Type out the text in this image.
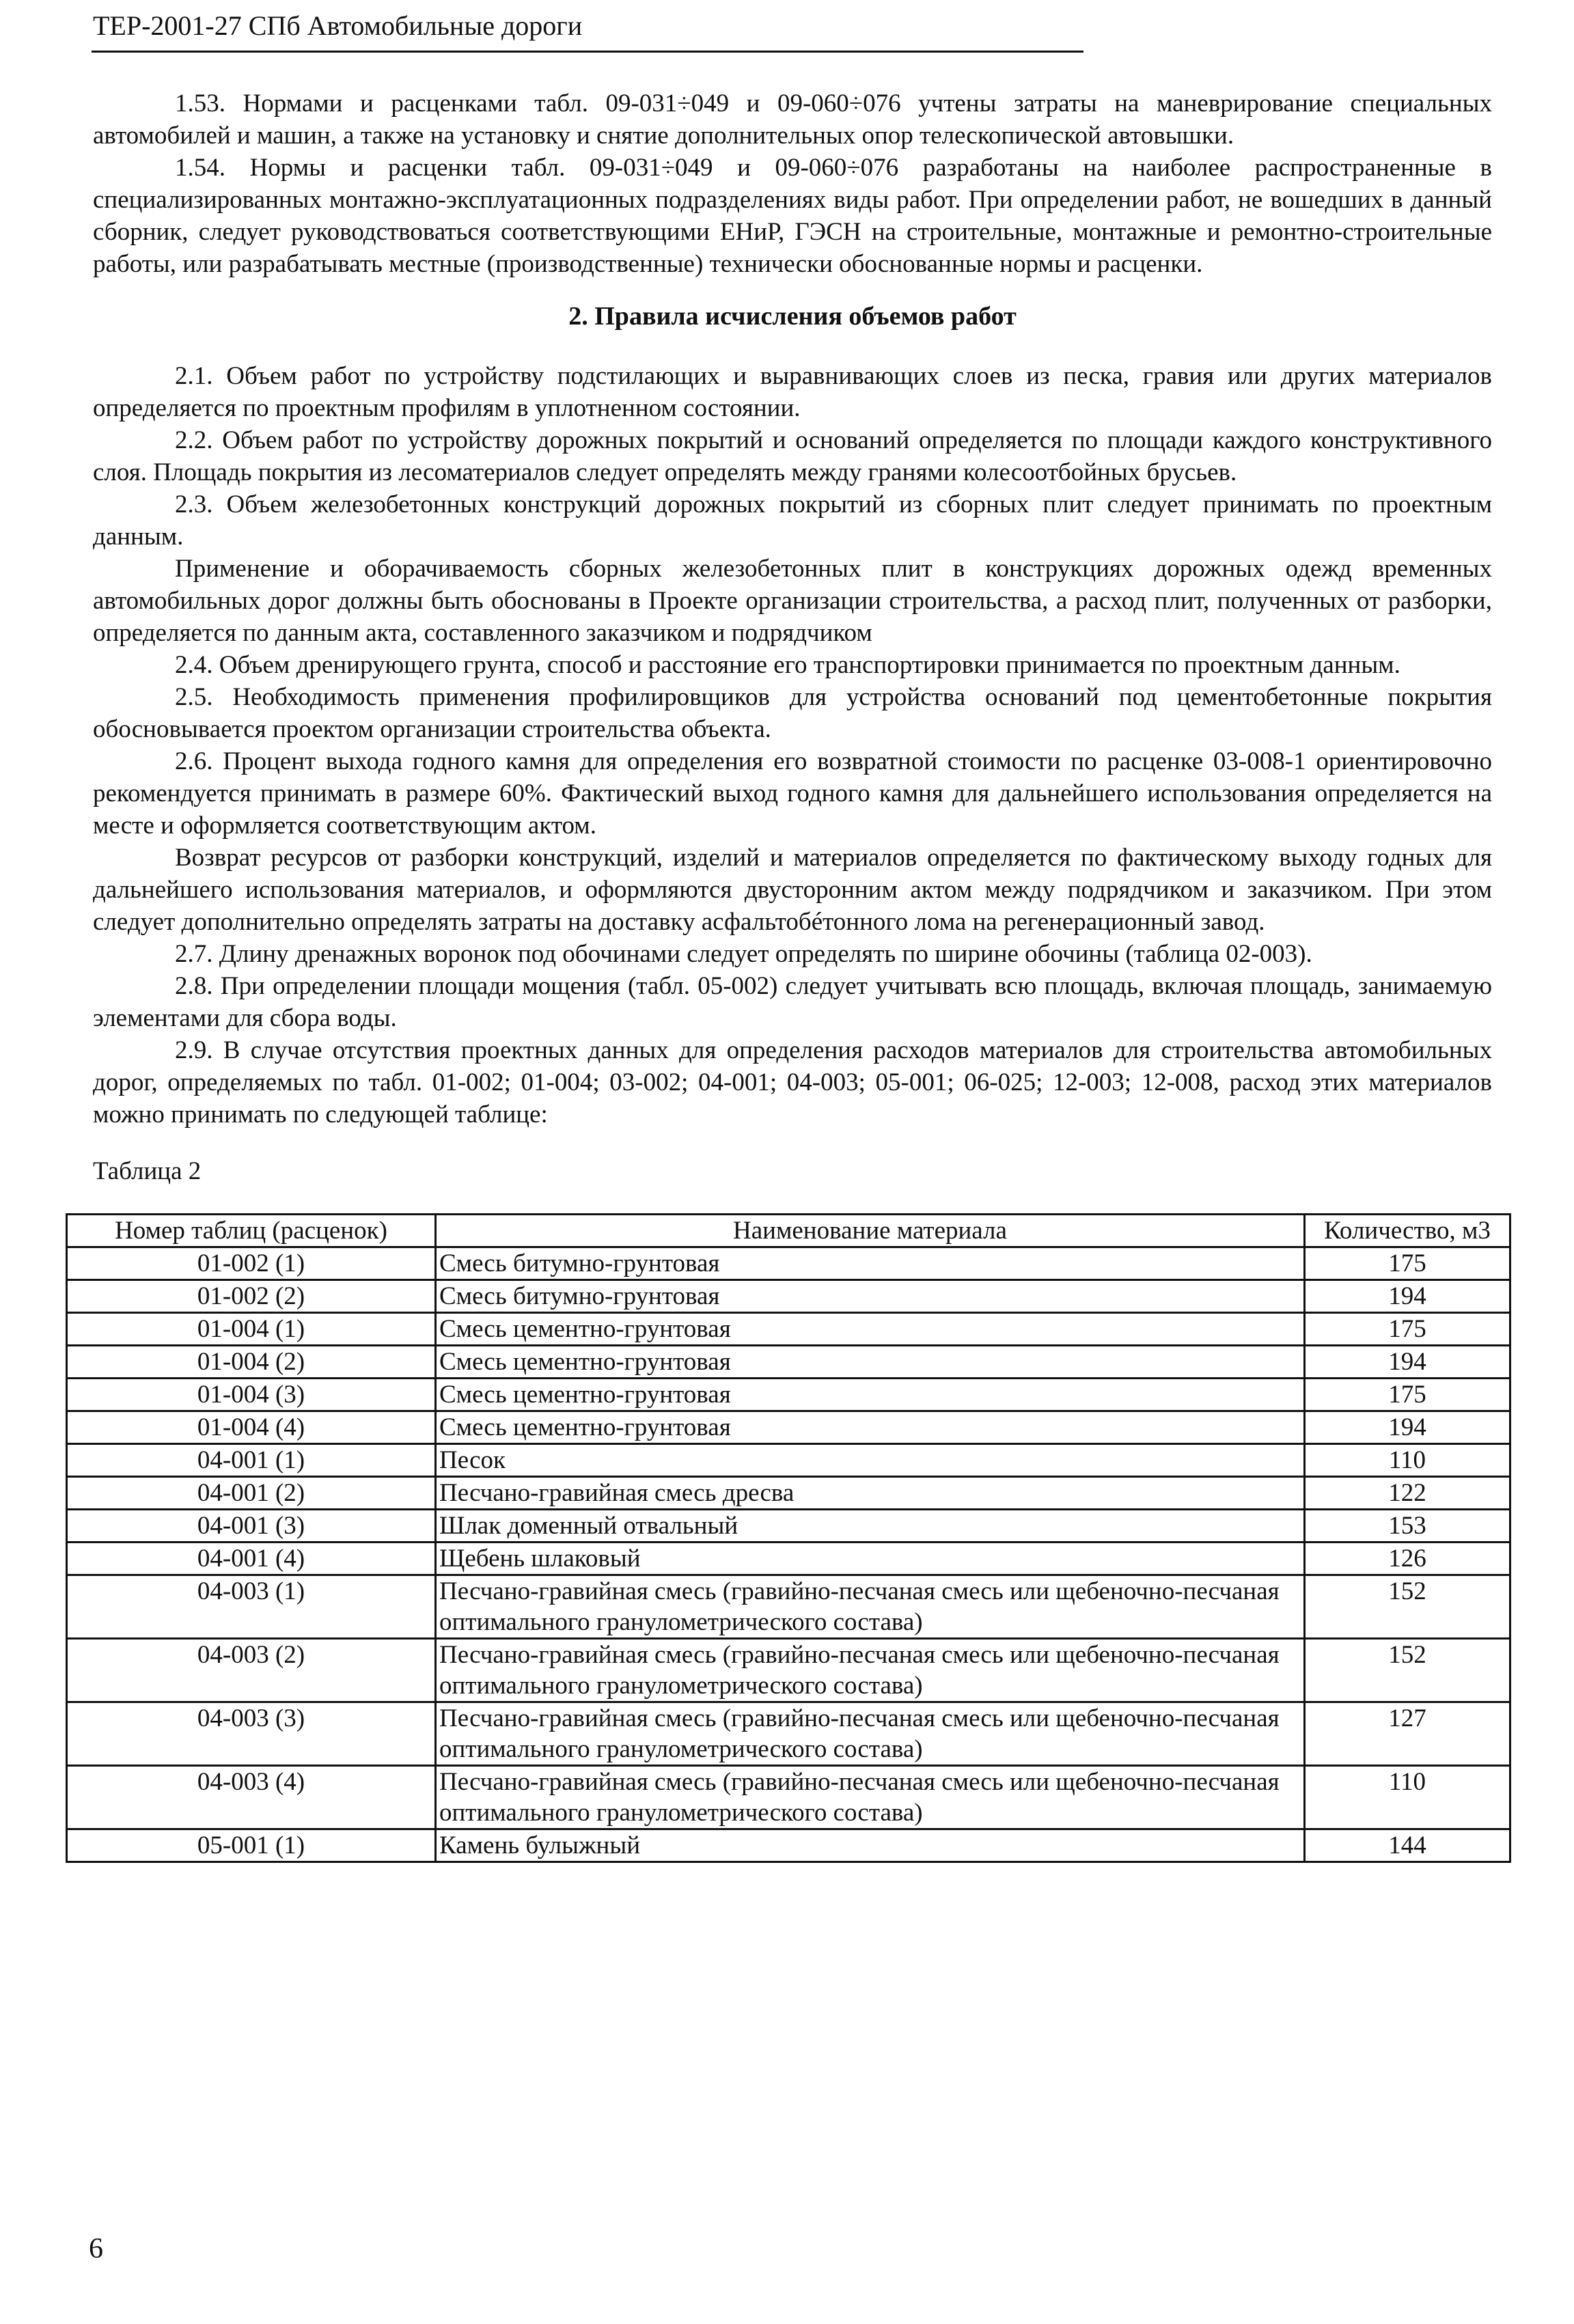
ТЕР-2001-27 СПб Автомобильные дороги

1.53. Нормами и расценками табл. 09-031÷049 и 09-060÷076 учтены затраты на маневрирование специальных автомобилей и машин, а также на установку и снятие дополнительных опор телескопической автовышки.

1.54. Нормы и расценки табл. 09-031÷049 и 09-060÷076 разработаны на наиболее распространенные в специализированных монтажно-эксплуатационных подразделениях виды работ. При определении работ, не вошедших в данный сборник, следует руководствоваться соответствующими ЕНиР, ГЭСН на строительные, монтажные и ремонтно-строительные работы, или разрабатывать местные (производственные) технически обоснованные нормы и расценки.

2. Правила исчисления объемов работ

2.1. Объем работ по устройству подстилающих и выравнивающих слоев из песка, гравия или других материалов определяется по проектным профилям в уплотненном состоянии.

2.2. Объем работ по устройству дорожных покрытий и оснований определяется по площади каждого конструктивного слоя. Площадь покрытия из лесоматериалов следует определять между гранями колесоотбойных брусьев.

2.3. Объем железобетонных конструкций дорожных покрытий из сборных плит следует принимать по проектным данным.

Применение и оборачиваемость сборных железобетонных плит в конструкциях дорожных одежд временных автомобильных дорог должны быть обоснованы в Проекте организации строительства, а расход плит, полученных от разборки, определяется по данным акта, составленного заказчиком и подрядчиком

2.4. Объем дренирующего грунта, способ и расстояние его транспортировки принимается по проектным данным.

2.5. Необходимость применения профилировщиков для устройства оснований под цементобетонные покрытия обосновывается проектом организации строительства объекта.

2.6. Процент выхода годного камня для определения его возвратной стоимости по расценке 03-008-1 ориентировочно рекомендуется принимать в размере 60%. Фактический выход годного камня для дальнейшего использования определяется на месте и оформляется соответствующим актом.

Возврат ресурсов от разборки конструкций, изделий и материалов определяется по фактическому выходу годных для дальнейшего использования материалов, и оформляются двусторонним актом между подрядчиком и заказчиком. При этом следует дополнительно определять затраты на доставку асфальтобéтонного лома на регенерационный завод.

2.7. Длину дренажных воронок под обочинами следует определять по ширине обочины (таблица 02-003).

2.8. При определении площади мощения (табл. 05-002) следует учитывать всю площадь, включая площадь, занимаемую элементами для сбора воды.

2.9. В случае отсутствия проектных данных для определения расходов материалов для строительства автомобильных дорог, определяемых по табл. 01-002; 01-004; 03-002; 04-001; 04-003; 05-001; 06-025; 12-003; 12-008, расход этих материалов можно принимать по следующей таблице:

Таблица 2
Номер таблиц (расценок)	Наименование материала	Количество, м3
01-002 (1)	Смесь битумно-грунтовая	175
01-002 (2)	Смесь битумно-грунтовая	194
01-004 (1)	Смесь цементно-грунтовая	175
01-004 (2)	Смесь цементно-грунтовая	194
01-004 (3)	Смесь цементно-грунтовая	175
01-004 (4)	Смесь цементно-грунтовая	194
04-001 (1)	Песок	110
04-001 (2)	Песчано-гравийная смесь дресва	122
04-001 (3)	Шлак доменный отвальный	153
04-001 (4)	Щебень шлаковый	126
04-003 (1)	Песчано-гравийная смесь (гравийно-песчаная смесь или щебеночно-песчаная оптимального гранулометрического состава)	152
04-003 (2)	Песчано-гравийная смесь (гравийно-песчаная смесь или щебеночно-песчаная оптимального гранулометрического состава)	152
04-003 (3)	Песчано-гравийная смесь (гравийно-песчаная смесь или щебеночно-песчаная оптимального гранулометрического состава)	127
04-003 (4)	Песчано-гравийная смесь (гравийно-песчаная смесь или щебеночно-песчаная оптимального гранулометрического состава)	110
05-001 (1)	Камень булыжный	144
6
